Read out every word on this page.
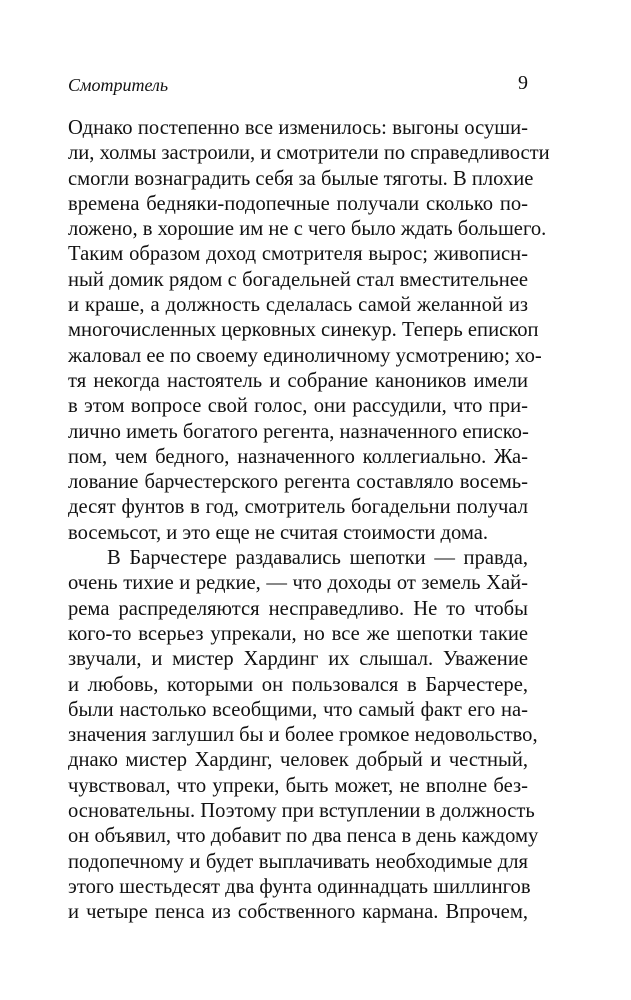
Смотритель	9
Однако постепенно все изменилось: выгоны осуши-
ли, холмы застроили, и смотрители по справедливости
смогли вознаградить себя за былые тяготы. В плохие
времена бедняки-подопечные получали сколько по-
ложено, в хорошие им не с чего было ждать большего.
Таким образом доход смотрителя вырос; живописн-
ный домик рядом с богадельней стал вместительнее
и краше, а должность сделалась самой желанной из
многочисленных церковных синекур. Теперь епископ
жаловал ее по своему единоличному усмотрению; хо-
тя некогда настоятель и собрание каноников имели
в этом вопросе свой голос, они рассудили, что при-
лично иметь богатого регента, назначенного еписко-
пом, чем бедного, назначенного коллегиально. Жа-
лование барчестерского регента составляло восемь-
десят фунтов в год, смотритель богадельни получал
восемьсот, и это еще не считая стоимости дома.
В Барчестере раздавались шепотки — правда,
очень тихие и редкие, — что доходы от земель Хай-
рема распределяются несправедливо. Не то чтобы
кого-то всерьез упрекали, но все же шепотки такие
звучали, и мистер Хардинг их слышал. Уважение
и любовь, которыми он пользовался в Барчестере,
были настолько всеобщими, что самый факт его на-
значения заглушил бы и более громкое недовольство,
днако мистер Хардинг, человек добрый и честный,
чувствовал, что упреки, быть может, не вполне без-
основательны. Поэтому при вступлении в должность
он объявил, что добавит по два пенса в день каждому
подопечному и будет выплачивать необходимые для
этого шестьдесят два фунта одиннадцать шиллингов
и четыре пенса из собственного кармана. Впрочем,
